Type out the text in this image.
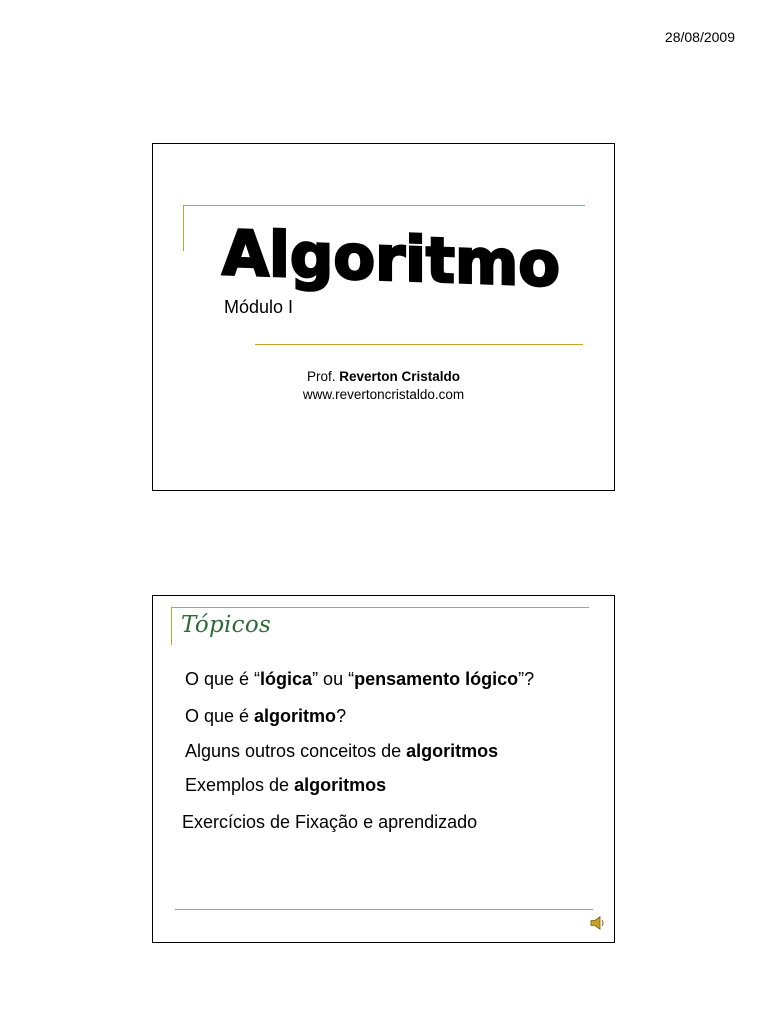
28/08/2009
Algoritmo
Módulo I
Prof. Reverton Cristaldo
www.revertoncristaldo.com
Tópicos
O que é “lógica” ou “pensamento lógico”?
O que é algoritmo?
Alguns outros conceitos de algoritmos
Exemplos de algoritmos
Exercícios de Fixação e aprendizado
